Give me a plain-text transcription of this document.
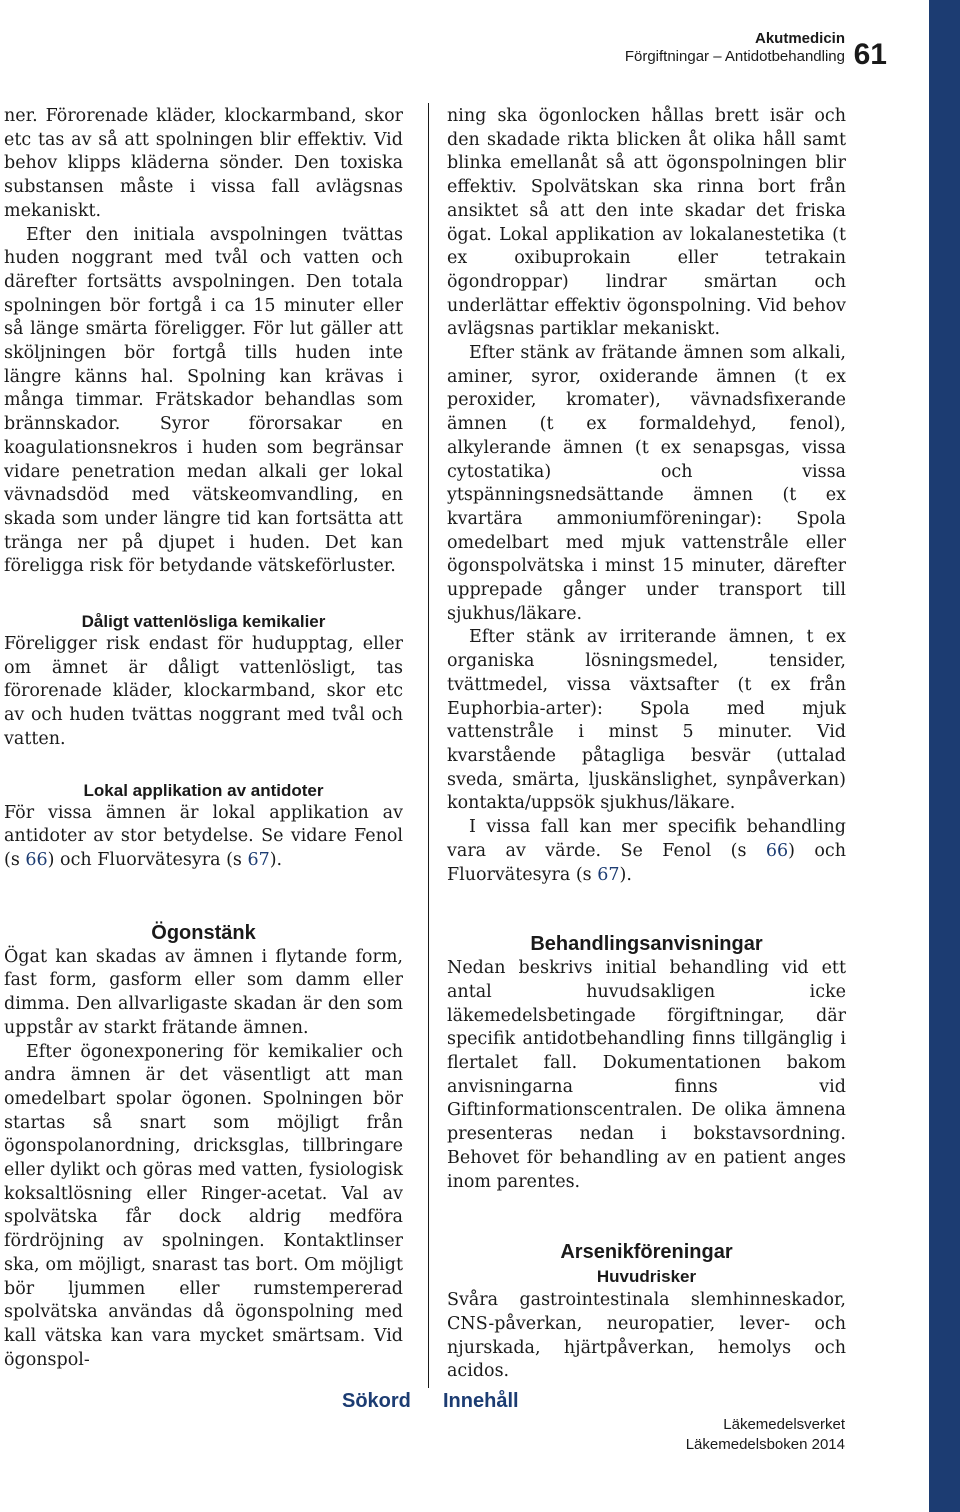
Akutmedicin
Förgiftningar – Antidotbehandling 61

ner. Förorenade kläder, klockarmband, skor etc tas av så att spolningen blir effektiv. Vid behov klipps kläderna sönder. Den toxiska substansen måste i vissa fall avlägsnas mekaniskt.

Efter den initiala avspolningen tvättas huden noggrant med tvål och vatten och därefter fortsätts avspolningen. Den totala spolningen bör fortgå i ca 15 minuter eller så länge smärta föreligger. För lut gäller att sköljningen bör fortgå tills huden inte längre känns hal. Spolning kan krävas i många timmar. Frätskador behandlas som brännskador. Syror förorsakar en koagulationsnekros i huden som begränsar vidare penetration medan alkali ger lokal vävnadsdöd med vätskeomvandling, en skada som under längre tid kan fortsätta att tränga ner på djupet i huden. Det kan föreligga risk för betydande vätskeförluster.

Dåligt vattenlösliga kemikalier

Föreligger risk endast för hudupptag, eller om ämnet är dåligt vattenlösligt, tas förorenade kläder, klockarmband, skor etc av och huden tvättas noggrant med tvål och vatten.

Lokal applikation av antidoter

För vissa ämnen är lokal applikation av antidoter av stor betydelse. Se vidare Fenol (s 66) och Fluorvätesyra (s 67).

Ögonstänk

Ögat kan skadas av ämnen i flytande form, fast form, gasform eller som damm eller dimma. Den allvarligaste skadan är den som uppstår av starkt frätande ämnen.

Efter ögonexponering för kemikalier och andra ämnen är det väsentligt att man omedelbart spolar ögonen. Spolningen bör startas så snart som möjligt från ögonspolanordning, dricksglas, tillbringare eller dylikt och göras med vatten, fysiologisk koksaltlösning eller Ringer-acetat. Val av spolvätska får dock aldrig medföra fördröjning av spolningen. Kontaktlinser ska, om möjligt, snarast tas bort. Om möjligt bör ljummen eller rumstempererad spolvätska användas då ögonspolning med kall vätska kan vara mycket smärtsam. Vid ögonspol-

ning ska ögonlocken hållas brett isär och den skadade rikta blicken åt olika håll samt blinka emellanåt så att ögonspolningen blir effektiv. Spolvätskan ska rinna bort från ansiktet så att den inte skadar det friska ögat. Lokal applikation av lokalanestetika (t ex oxibuprokain eller tetrakain ögondroppar) lindrar smärtan och underlättar effektiv ögonspolning. Vid behov avlägsnas partiklar mekaniskt.

Efter stänk av frätande ämnen som alkali, aminer, syror, oxiderande ämnen (t ex peroxider, kromater), vävnadsfixerande ämnen (t ex formaldehyd, fenol), alkylerande ämnen (t ex senapsgas, vissa cytostatika) och vissa ytspänningsnedsättande ämnen (t ex kvartära ammoniumföreningar): Spola omedelbart med mjuk vattenstråle eller ögonspolvätska i minst 15 minuter, därefter upprepade gånger under transport till sjukhus/läkare.

Efter stänk av irriterande ämnen, t ex organiska lösningsmedel, tensider, tvättmedel, vissa växtsafter (t ex från Euphorbia-arter): Spola med mjuk vattenstråle i minst 5 minuter. Vid kvarstående påtagliga besvär (uttalad sveda, smärta, ljuskänslighet, synpåverkan) kontakta/uppsök sjukhus/läkare.

I vissa fall kan mer specifik behandling vara av värde. Se Fenol (s 66) och Fluorvätesyra (s 67).

Behandlingsanvisningar

Nedan beskrivs initial behandling vid ett antal huvudsakligen icke läkemedelsbetingade förgiftningar, där specifik antidotbehandling finns tillgänglig i flertalet fall. Dokumentationen bakom anvisningarna finns vid Giftinformationscentralen. De olika ämnena presenteras nedan i bokstavsordning. Behovet för behandling av en patient anges inom parentes.

Arsenikföreningar
Huvudrisker

Svåra gastrointestinala slemhinneskador, CNS-påverkan, neuropatier, lever- och njurskada, hjärtpåverkan, hemolys och acidos.

Sökord Innehåll
Läkemedelsverket
Läkemedelsboken 2014
